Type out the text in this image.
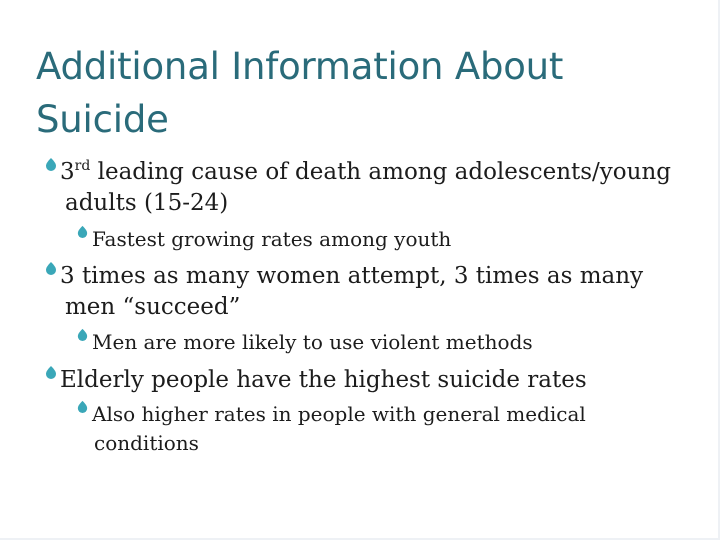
Additional Information About
Suicide
3rd leading cause of death among adolescents/young
adults (15-24)
Fastest growing rates among youth
3 times as many women attempt, 3 times as many
men “succeed”
Men are more likely to use violent methods
Elderly people have the highest suicide rates
Also higher rates in people with general medical
conditions
